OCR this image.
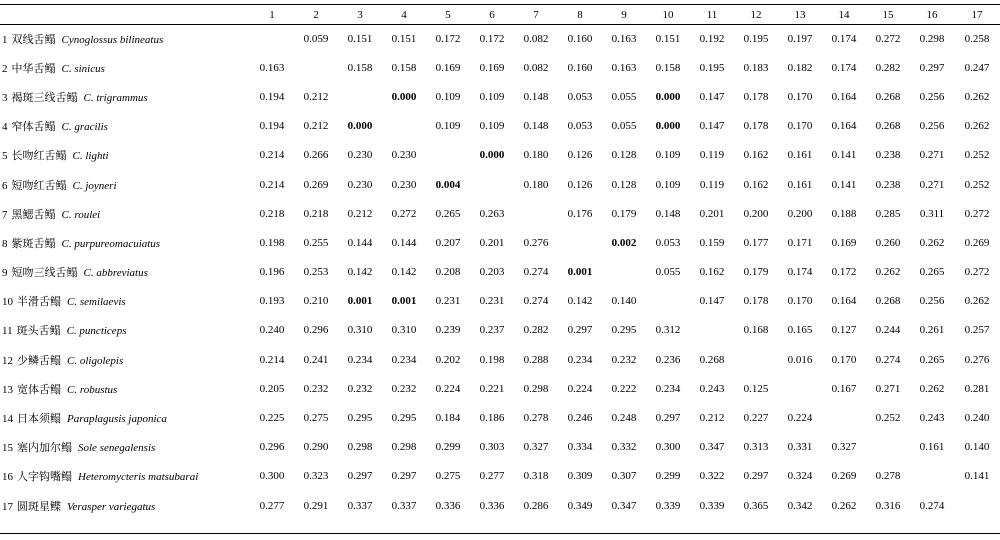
	1	2	3	4	5	6	7	8	9	10	11	12	13	14	15	16	17
1 双线舌鳎 Cynoglossus bilineatus		0.059	0.151	0.151	0.172	0.172	0.082	0.160	0.163	0.151	0.192	0.195	0.197	0.174	0.272	0.298	0.258
2 中华舌鳎 C. sinicus	0.163		0.158	0.158	0.169	0.169	0.082	0.160	0.163	0.158	0.195	0.183	0.182	0.174	0.282	0.297	0.247
3 褐斑三线舌鳎 C. trigrammus	0.194	0.212		0.000	0.109	0.109	0.148	0.053	0.055	0.000	0.147	0.178	0.170	0.164	0.268	0.256	0.262
4 窄体舌鳎 C. gracilis	0.194	0.212	0.000		0.109	0.109	0.148	0.053	0.055	0.000	0.147	0.178	0.170	0.164	0.268	0.256	0.262
5 长吻红舌鳎 C. lighti	0.214	0.266	0.230	0.230		0.000	0.180	0.126	0.128	0.109	0.119	0.162	0.161	0.141	0.238	0.271	0.252
6 短吻红舌鳎 C. joyneri	0.214	0.269	0.230	0.230	0.004		0.180	0.126	0.128	0.109	0.119	0.162	0.161	0.141	0.238	0.271	0.252
7 黑鳃舌鳎 C. roulei	0.218	0.218	0.212	0.272	0.265	0.263		0.176	0.179	0.148	0.201	0.200	0.200	0.188	0.285	0.311	0.272
8 紫斑舌鳎 C. purpureomacuiatus	0.198	0.255	0.144	0.144	0.207	0.201	0.276		0.002	0.053	0.159	0.177	0.171	0.169	0.260	0.262	0.269
9 短吻三线舌鳎 C. abbreviatus	0.196	0.253	0.142	0.142	0.208	0.203	0.274	0.001		0.055	0.162	0.179	0.174	0.172	0.262	0.265	0.272
10 半滑舌鳎 C. semilaevis	0.193	0.210	0.001	0.001	0.231	0.231	0.274	0.142	0.140		0.147	0.178	0.170	0.164	0.268	0.256	0.262
11 斑头舌鳎 C. puncticeps	0.240	0.296	0.310	0.310	0.239	0.237	0.282	0.297	0.295	0.312		0.168	0.165	0.127	0.244	0.261	0.257
12 少鳞舌鳎 C. oligolepis	0.214	0.241	0.234	0.234	0.202	0.198	0.288	0.234	0.232	0.236	0.268		0.016	0.170	0.274	0.265	0.276
13 宽体舌鳎 C. robustus	0.205	0.232	0.232	0.232	0.224	0.221	0.298	0.224	0.222	0.234	0.243	0.125		0.167	0.271	0.262	0.281
14 日本须鳎 Paraplagusis japonica	0.225	0.275	0.295	0.295	0.184	0.186	0.278	0.246	0.248	0.297	0.212	0.227	0.224		0.252	0.243	0.240
15 塞内加尔鳎 Sole senegalensis	0.296	0.290	0.298	0.298	0.299	0.303	0.327	0.334	0.332	0.300	0.347	0.313	0.331	0.327		0.161	0.140
16 人字钩嘴鳎 Heteromycteris matsubarai	0.300	0.323	0.297	0.297	0.275	0.277	0.318	0.309	0.307	0.299	0.322	0.297	0.324	0.269	0.278		0.141
17 圆斑星鲽 Verasper variegatus	0.277	0.291	0.337	0.337	0.336	0.336	0.286	0.349	0.347	0.339	0.339	0.365	0.342	0.262	0.316	0.274	
